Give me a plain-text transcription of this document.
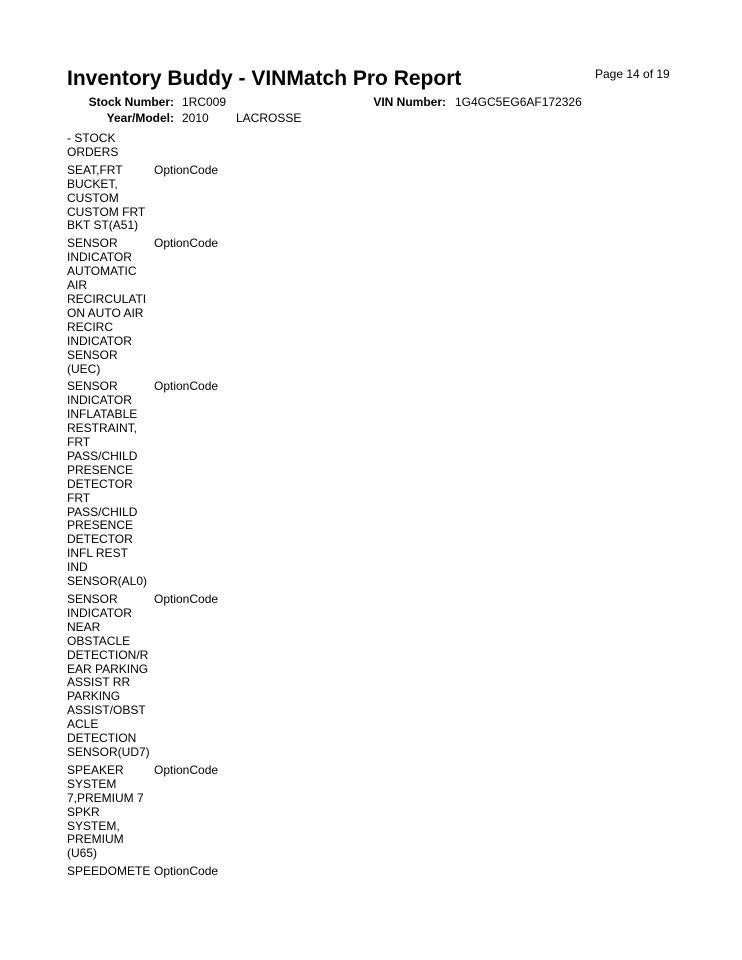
Inventory Buddy - VINMatch Pro Report	Page 14 of 19
Stock Number: 1RC009	VIN Number: 1G4GC5EG6AF172326
Year/Model: 2010 LACROSSE
- STOCK
ORDERS
SEAT,FRT
BUCKET,
CUSTOM
CUSTOM FRT
BKT ST(A51)
OptionCode
SENSOR
INDICATOR
AUTOMATIC
AIR
RECIRCULATI
ON AUTO AIR
RECIRC
INDICATOR
SENSOR
(UEC)
OptionCode
SENSOR
INDICATOR
INFLATABLE
RESTRAINT,
FRT
PASS/CHILD
PRESENCE
DETECTOR
FRT
PASS/CHILD
PRESENCE
DETECTOR
INFL REST
IND
SENSOR(AL0)
OptionCode
SENSOR
INDICATOR
NEAR
OBSTACLE
DETECTION/R
EAR PARKING
ASSIST RR
PARKING
ASSIST/OBST
ACLE
DETECTION
SENSOR(UD7)
OptionCode
SPEAKER
SYSTEM
7,PREMIUM 7
SPKR
SYSTEM,
PREMIUM
(U65)
OptionCode
SPEEDOMETE OptionCode
